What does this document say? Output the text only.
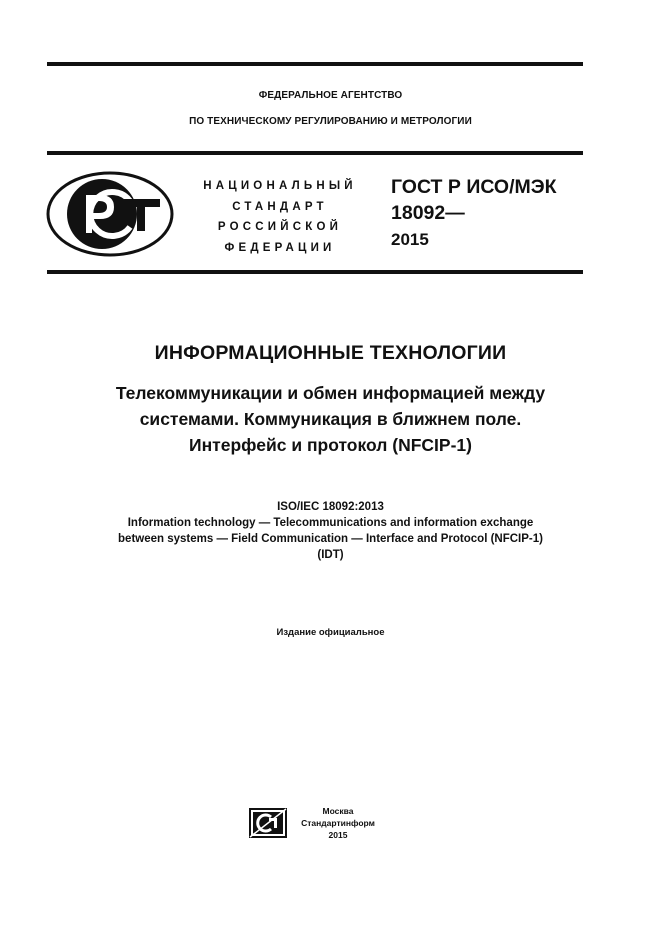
ФЕДЕРАЛЬНОЕ АГЕНТСТВО
ПО ТЕХНИЧЕСКОМУ РЕГУЛИРОВАНИЮ И МЕТРОЛОГИИ
НАЦИОНАЛЬНЫЙ
СТАНДАРТ
РОССИЙСКОЙ
ФЕДЕРАЦИИ
ГОСТ Р ИСО/МЭК
18092—
2015
ИНФОРМАЦИОННЫЕ ТЕХНОЛОГИИ
Телекоммуникации и обмен информацией между
системами. Коммуникация в ближнем поле.
Интерфейс и протокол (NFCIP-1)
ISO/IEC 18092:2013
Information technology — Telecommunications and information exchange
between systems — Field Communication — Interface and Protocol (NFCIP-1)
(IDT)
Издание официальное
Москва
Стандартинформ
2015
